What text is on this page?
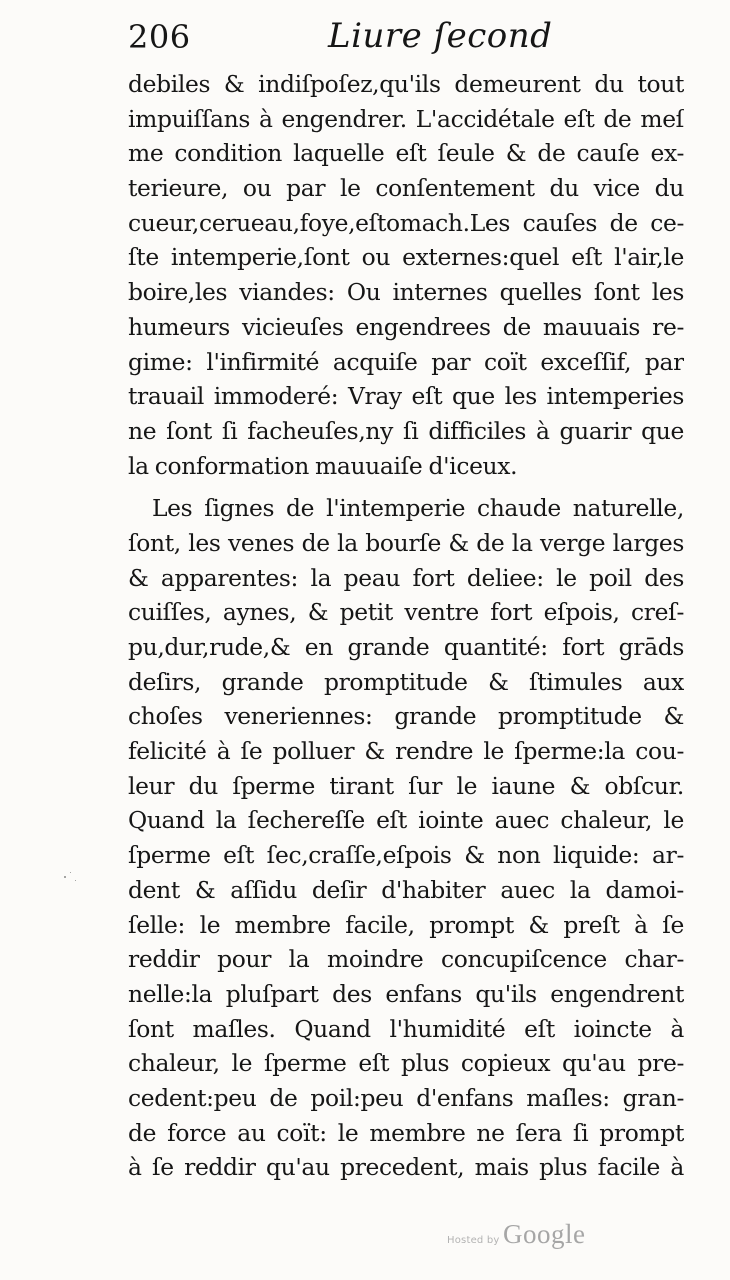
206	Liure ſecond
debiles & indiſpoſez,qu'ils demeurent du tout
impuiſſans à engendrer. L'accidétale eſt de meſ
me condition laquelle eſt ſeule & de cauſe ex-
terieure, ou par le conſentement du vice du
cueur,cerueau,foye,eſtomach.Les cauſes de ce-
ſte intemperie,ſont ou externes:quel eſt l'air,le
boire,les viandes: Ou internes quelles ſont les
humeurs vicieuſes engendrees de mauuais re-
gime: l'infirmité acquiſe par coït exceſſif, par
trauail immoderé: Vray eſt que les intemperies
ne ſont ſi facheuſes,ny ſi difficiles à guarir que
la conformation mauuaiſe d'iceux.
Les ſignes de l'intemperie chaude naturelle,
ſont, les venes de la bourſe & de la verge larges
& apparentes: la peau fort deliee: le poil des
cuiſſes, aynes, & petit ventre fort eſpois, creſ-
pu,dur,rude,& en grande quantité: fort grāds
deſirs, grande promptitude & ſtimules aux
choſes veneriennes: grande promptitude &
felicité à ſe polluer & rendre le ſperme:la cou-
leur du ſperme tirant ſur le iaune & obſcur.
Quand la ſechereſſe eſt iointe auec chaleur, le
ſperme eſt ſec,craſſe,eſpois & non liquide: ar-
dent & aſſidu deſir d'habiter auec la damoi-
ſelle: le membre facile, prompt & preſt à ſe
reddir pour la moindre concupiſcence char-
nelle:la pluſpart des enfans qu'ils engendrent
ſont maſles. Quand l'humidité eſt ioincte à
chaleur, le ſperme eſt plus copieux qu'au pre-
cedent:peu de poil:peu d'enfans maſles: gran-
de force au coït: le membre ne ſera ſi prompt
à ſe reddir qu'au precedent, mais plus facile à
Hosted by Google
